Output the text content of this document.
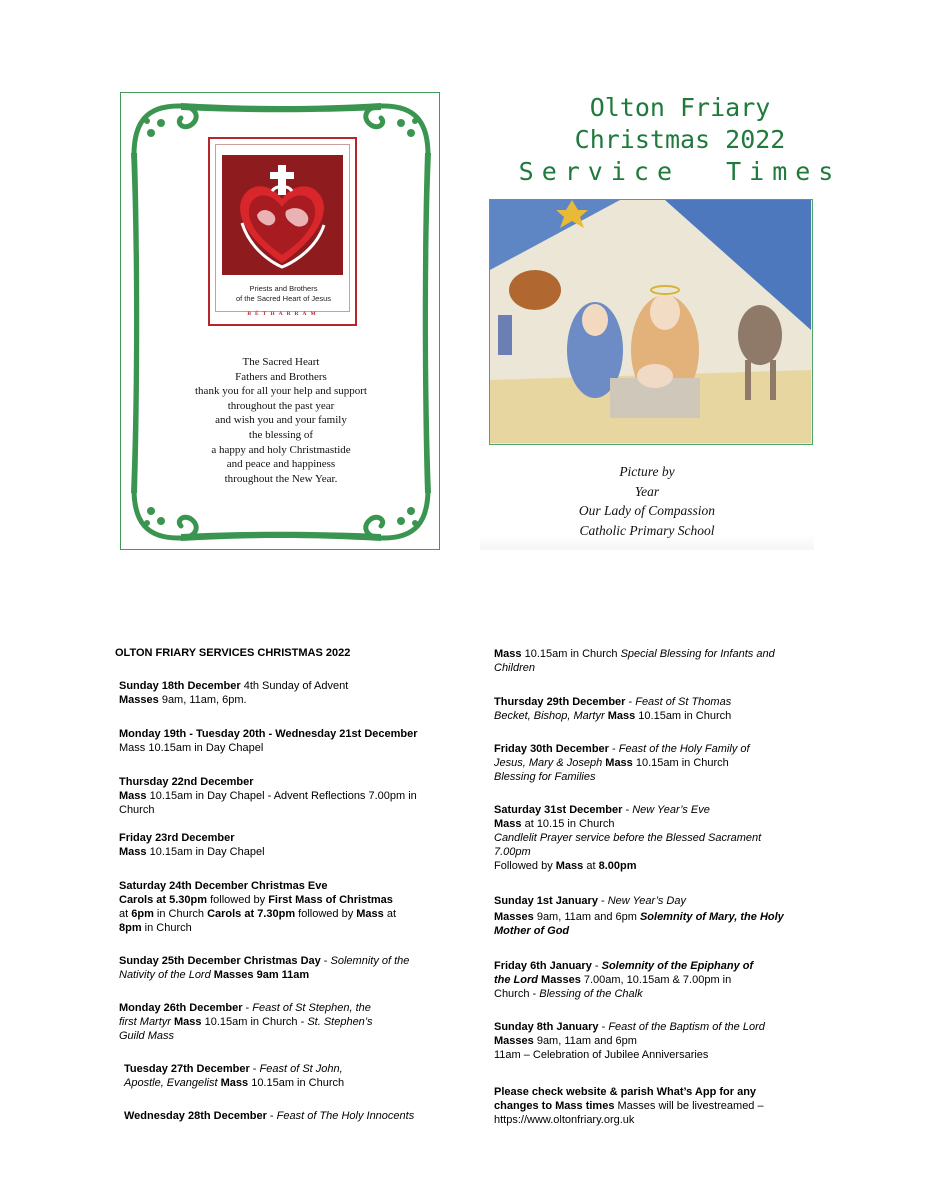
Priests and Brothers
of the Sacred Heart of Jesus
BÉTHARRAM
The Sacred Heart
Fathers and Brothers
thank you for all your help and support
throughout the past year
and wish you and your family
the blessing of
a happy and holy Christmastide
and peace and happiness
throughout the New Year.
Olton Friary
Christmas 2022
Service  Times
Picture by
Year
Our Lady of Compassion
Catholic Primary School
OLTON FRIARY SERVICES CHRISTMAS 2022

Sunday 18th December 4th Sunday of Advent

Masses 9am, 11am, 6pm.

Monday 19th - Tuesday 20th - Wednesday 21st December

Mass 10.15am in Day Chapel

Thursday 22nd December

Mass 10.15am in Day Chapel - Advent Reflections 7.00pm in

Church

Friday 23rd December

Mass 10.15am in Day Chapel

Saturday 24th December Christmas Eve

Carols at 5.30pm followed by First Mass of Christmas

at 6pm in Church Carols at 7.30pm followed by Mass at

8pm in Church

Sunday 25th December Christmas Day - Solemnity of the

Nativity of the Lord Masses 9am 11am

Monday 26th December - Feast of St Stephen, the

first Martyr Mass 10.15am in Church - St. Stephen’s

Guild Mass

Tuesday 27th December - Feast of St John,

Apostle, Evangelist Mass 10.15am in Church

Wednesday 28th December - Feast of The Holy Innocents

Mass 10.15am in Church Special Blessing for Infants and

Children

Thursday 29th December - Feast of St Thomas

Becket, Bishop, Martyr Mass 10.15am in Church

Friday 30th December - Feast of the Holy Family of

Jesus, Mary & Joseph Mass 10.15am in Church

Blessing for Families

Saturday 31st December - New Year’s Eve

Mass at 10.15 in Church

Candlelit Prayer service before the Blessed Sacrament

7.00pm

Followed by Mass at 8.00pm

Sunday 1st January - New Year’s Day

Masses 9am, 11am and 6pm Solemnity of Mary, the Holy

Mother of God

Friday 6th January - Solemnity of the Epiphany of

the Lord Masses 7.00am, 10.15am & 7.00pm in

Church - Blessing of the Chalk

Sunday 8th January - Feast of the Baptism of the Lord

Masses 9am, 11am and 6pm

11am – Celebration of Jubilee Anniversaries

Please check website & parish What’s App for any

changes to Mass times Masses will be livestreamed –

https://www.oltonfriary.org.uk
